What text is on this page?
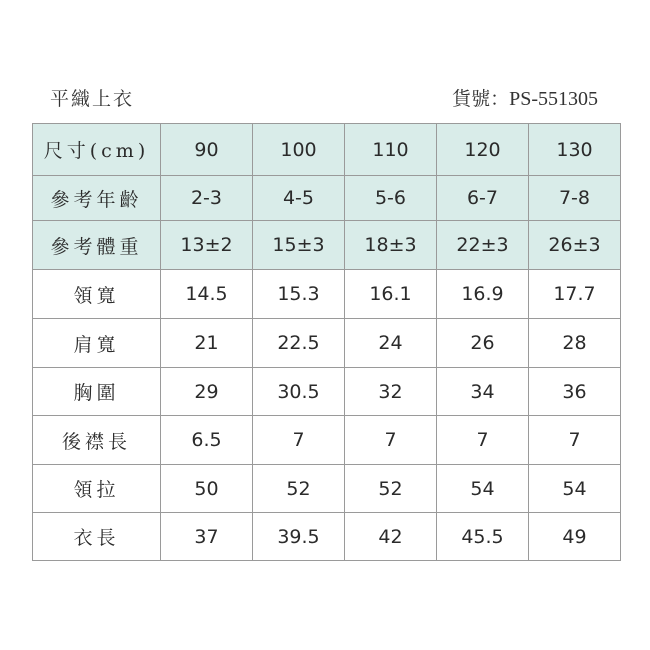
平織上衣	貨號：PS-551305
尺寸(cm)	90	100	110	120	130
參考年齡	2-3	4-5	5-6	6-7	7-8
參考體重	13±2	15±3	18±3	22±3	26±3
領寬	14.5	15.3	16.1	16.9	17.7
肩寬	21	22.5	24	26	28
胸圍	29	30.5	32	34	36
後襟長	6.5	7	7	7	7
領拉	50	52	52	54	54
衣長	37	39.5	42	45.5	49
